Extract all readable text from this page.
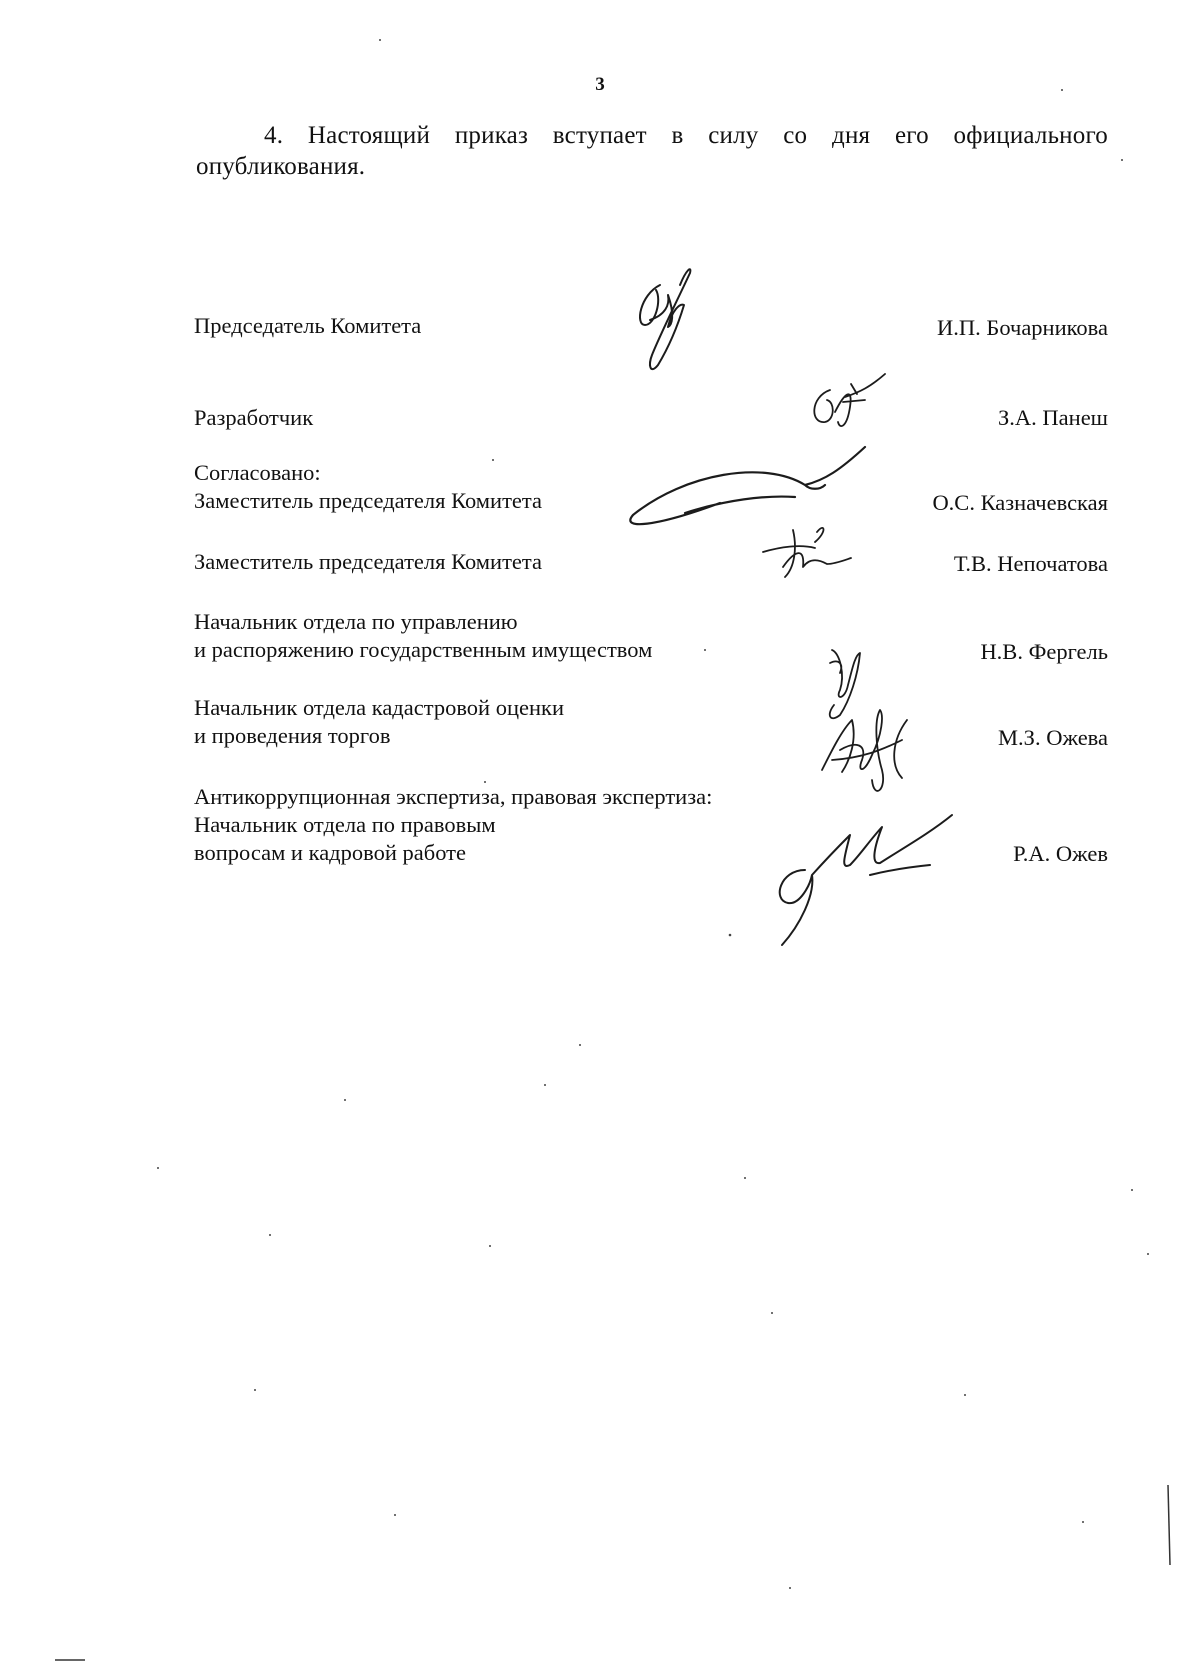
3
4. Настоящий приказ вступает в силу со дня его официального
опубликования.
Председатель Комитета	И.П. Бочарникова
Разработчик	З.А. Панеш
Согласовано:
Заместитель председателя Комитета	О.С. Казначевская
Заместитель председателя Комитета	Т.В. Непочатова
Начальник отдела по управлению
и распоряжению государственным имуществом	Н.В. Фергель
Начальник отдела кадастровой оценки
и проведения торгов	М.З. Ожева
Антикоррупционная экспертиза, правовая экспертиза:
Начальник отдела по правовым
вопросам и кадровой работе	Р.А. Ожев
